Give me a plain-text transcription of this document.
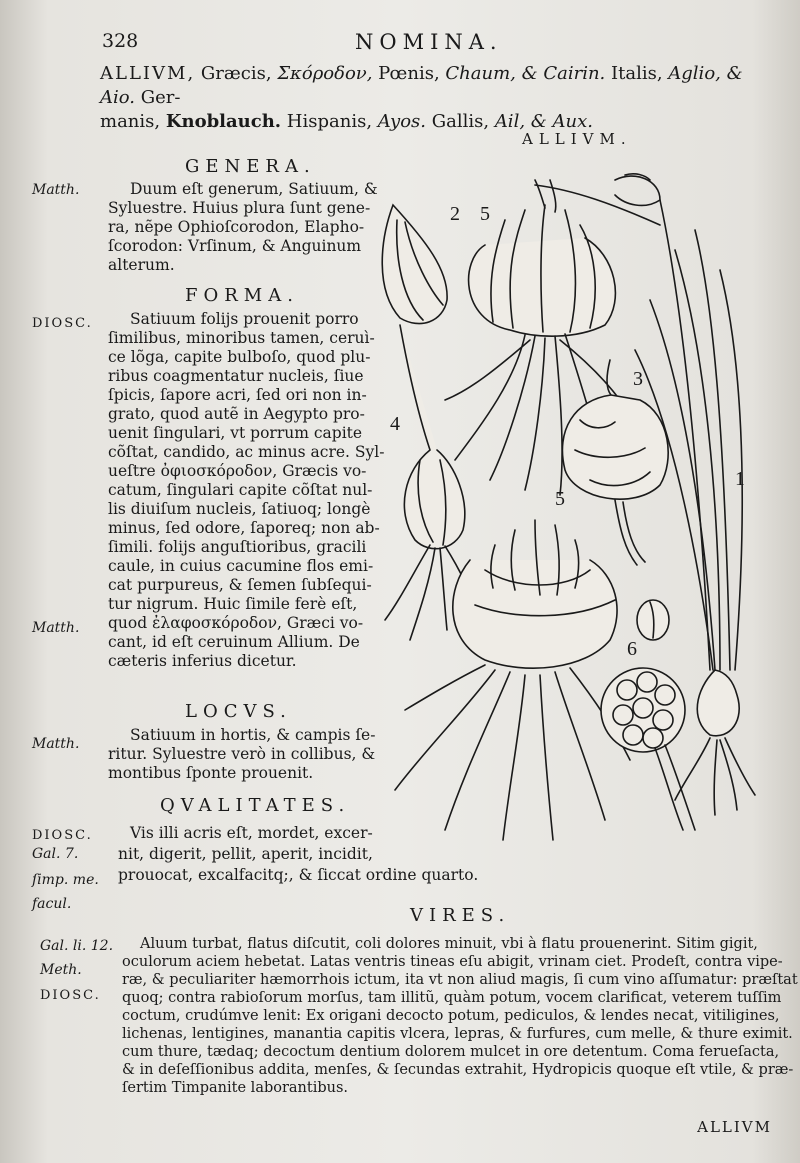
328	NOMINA.
ALLIVM, Græcis, Σκόροδον, Pœnis, Chaum, & Cairin. Italis, Aglio, & Aio. Ger-
manis, Knoblauch. Hispanis, Ayos. Gallis, Ail, & Aux.
ALLIVM.
GENERA.
Matth.	Duum eſt generum, Satiuum, &
Syluestre. Huius plura ſunt gene-
ra, nẽpe Ophioſcorodon, Elapho-
ſcorodon: Vrſinum, & Anguinum
alterum.
FORMA.
DIOSC.
Matth.
Satiuum folijs prouenit porro
ſimilibus, minoribus tamen, ceruì-
ce lõga, capite bulboſo, quod plu-
ribus coagmentatur nucleis, ſiue
ſpicis, ſapore acri, ſed ori non in-
grato, quod autẽ in Aegypto pro-
uenit ſingulari, vt porrum capite
cõſtat, candido, ac minus acre. Syl-
ueſtre ὀφιοσκόροδον, Græcis vo-
catum, ſingulari capite cõſtat nul-
lis diuiſum nucleis, ſatiuoq; longè
minus, ſed odore, ſaporeq; non ab-
ſimili. folijs anguſtioribus, gracili
caule, in cuius cacumine flos emi-
cat purpureus, & ſemen ſubſequi-
tur nigrum. Huic ſimile ferè eſt,
quod ἐλαφοσκόροδον, Græci vo-
cant, id eſt ceruinum Allium. De
cæteris inferius dicetur.
LOCVS.
Matth.	Satiuum in hortis, & campis ſe-
ritur. Syluestre verò in collibus, &
montibus ſponte prouenit.
QVALITATES.
DIOSC.
Gal. 7.
ſimp. me.
facul.
Vis illi acris eſt, mordet, excer-
nit, digerit, pellit, aperit, incidit,
prouocat, excalfacitq;, & ſiccat ordine quarto.
VIRES.
Gal. li. 12.
Meth.
DIOSC.
Aluum turbat, flatus diſcutit, coli dolores minuit, vbi à flatu prouenerint. Sitim gigit,
oculorum aciem hebetat. Latas ventris tineas eſu abigit, vrinam ciet. Prodeſt, contra vipe-
ræ, & peculiariter hæmorrhois ictum, ita vt non aliud magis, ſi cum vino aſſumatur: præſtat
quoq; contra rabioſorum morſus, tam illitũ, quàm potum, vocem clarificat, veterem tuſſim
coctum, crudúmve lenit: Ex origani decocto potum, pediculos, & lendes necat, vitiligines,
lichenas, lentigines, manantia capitis vlcera, lepras, & furfures, cum melle, & thure eximit.
cum thure, tædaq; decoctum dentium dolorem mulcet in ore detentum. Coma ferueſacta,
& in deſeſſionibus addita, menſes, & ſecundas extrahit, Hydropicis quoque eſt vtile, & præ-
ſertim Timpanite laborantibus.
2 5
4
3
1
5
6
ALLIVM
